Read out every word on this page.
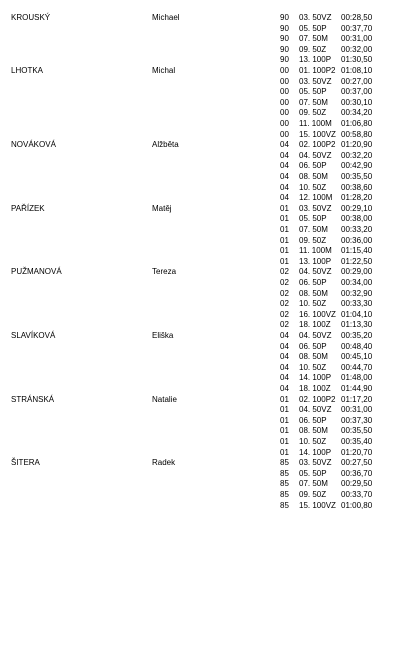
KROUSKÝ	Michael	90 03. 50VZ	00:28,50
90 05. 50P	00:37,70
90 07. 50M	00:31,00
90 09. 50Z	00:32,00
90 13. 100P	01:30,50
LHOTKA	Michal	00 01. 100P2 01:08,10
00 03. 50VZ	00:27,00
00 05. 50P	00:37,00
00 07. 50M	00:30,10
00 09. 50Z	00:34,20
00 11. 100M	01:06,80
00 15. 100VZ 00:58,80
NOVÁKOVÁ	Alžběta	04 02. 100P2 01:20,90
04 04. 50VZ	00:32,20
04 06. 50P	00:42,90
04 08. 50M	00:35,50
04 10. 50Z	00:38,60
04 12. 100M	01:28,20
PAŘÍZEK	Matěj	01 03. 50VZ	00:29,10
01 05. 50P	00:38,00
01 07. 50M	00:33,20
01 09. 50Z	00:36,00
01 11. 100M	01:15,40
01 13. 100P	01:22,50
PUŽMANOVÁ	Tereza	02 04. 50VZ	00:29,00
02 06. 50P	00:34,00
02 08. 50M	00:32,90
02 10. 50Z	00:33,30
02 16. 100VZ 01:04,10
02 18. 100Z	01:13,30
SLAVÍKOVÁ	Eliška	04 04. 50VZ	00:35,20
04 06. 50P	00:48,40
04 08. 50M	00:45,10
04 10. 50Z	00:44,70
04 14. 100P	01:48,00
04 18. 100Z	01:44,90
STRÁNSKÁ	Natalie	01 02. 100P2 01:17,20
01 04. 50VZ	00:31,00
01 06. 50P	00:37,30
01 08. 50M	00:35,50
01 10. 50Z	00:35,40
01 14. 100P	01:20,70
ŠITERA	Radek	85 03. 50VZ	00:27,50
85 05. 50P	00:36,70
85 07. 50M	00:29,50
85 09. 50Z	00:33,70
85 15. 100VZ 01:00,80
